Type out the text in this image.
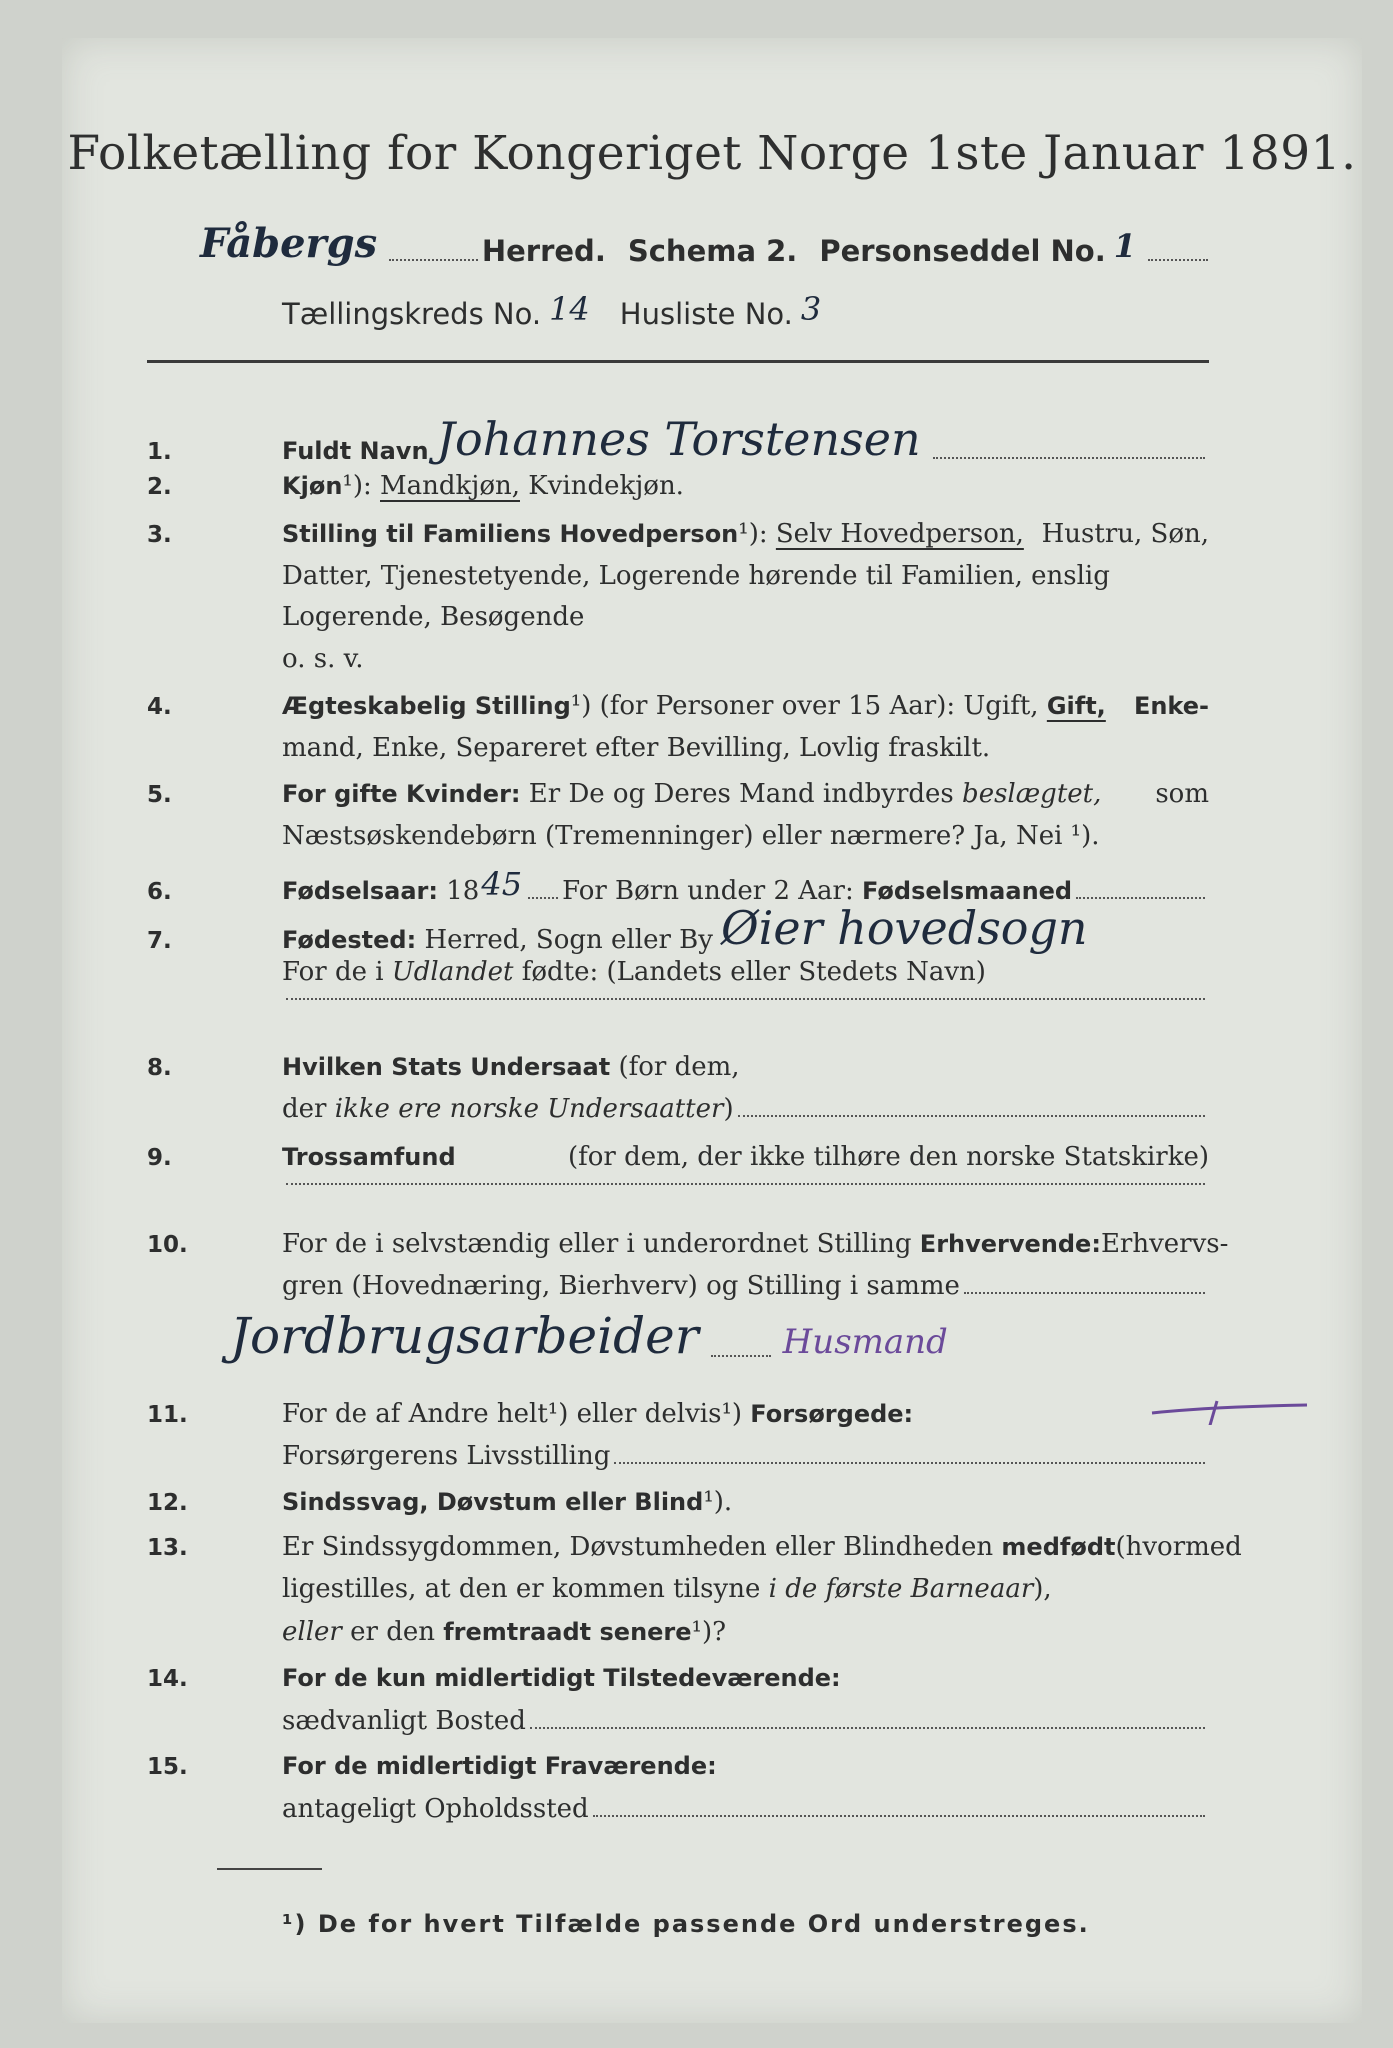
Folketælling for Kongeriget Norge 1ste Januar 1891.
Fåbergs	Herred. Schema 2. Personseddel No. 1
Tællingskreds No. 14 Husliste No. 3
1.	Fuldt Navn Johannes Torstensen
2.	Kjøn ¹):
Mandkjøn,
Kvindekjøn.
3.	Stilling til Familiens Hovedperson ¹):
Selv Hovedperson, Hustru, Søn,
Datter, Tjenestetyende, Logerende hørende til Familien, enslig
Logerende, Besøgende
o. s. v.
4.	Ægteskabelig Stilling ¹)
(for Personer over 15 Aar): Ugift,
Gift, Enke-
mand, Enke, Separeret efter Bevilling, Lovlig fraskilt.
5.	For gifte Kvinder:
Er De og Deres Mand indbyrdes
beslægtet, som
Næstsøskendebørn (Tremenninger) eller nærmere? Ja, Nei ¹).
6.	Fødselsaar:
18 45 For Børn under 2 Aar:
Fødselsmaaned
7.	Fødested:
Herred, Sogn eller By Øier hovedsogn
For de i
Udlandet
fødte: (Landets eller Stedets Navn)
8.	Hvilken Stats
Undersaat
(for dem,
der
ikke ere norske Undersaatter )
9.	Trossamfund	(for dem, der ikke tilhøre den norske Statskirke)
10.	For de i selvstændig eller i underordnet Stilling
Erhvervende: Erhvervs-
gren (Hovednæring, Bierhverv) og Stilling i samme
Jordbrugsarbeider Husmand
11.	For de af Andre helt ¹)
eller delvis ¹)
Forsørgede:
Forsørgerens Livsstilling
12.	Sindssvag, Døvstum eller Blind ¹).
13.	Er Sindssygdommen, Døvstumheden eller Blindheden
medfødt (hvormed
ligestilles, at den er kommen tilsyne
i de første Barneaar ),
eller
er den
fremtraadt senere ¹)?
14.	For de kun midlertidigt Tilstedeværende:
sædvanligt Bosted
15.	For de midlertidigt Fraværende:
antageligt Opholdssted
¹) De for hvert Tilfælde passende Ord understreges.
